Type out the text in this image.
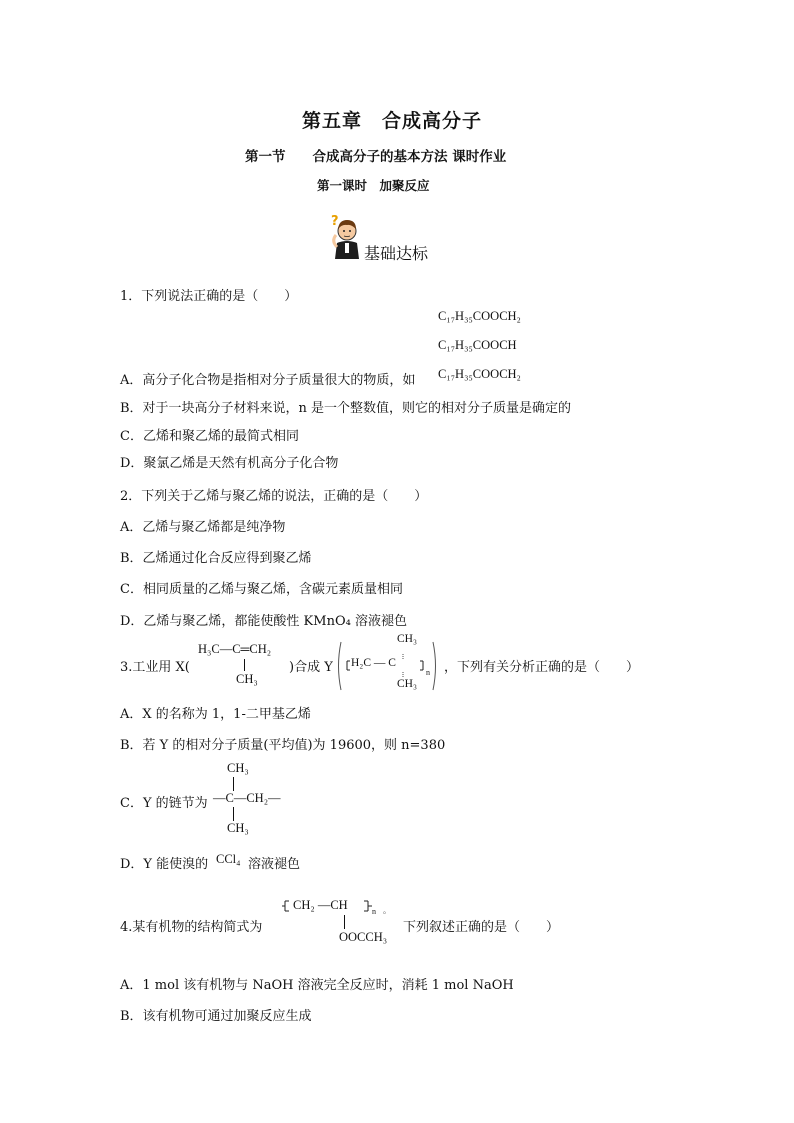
第五章　合成高分子
第一节　　合成高分子的基本方法 课时作业
第一课时　加聚反应
?
基础达标
1．下列说法正确的是（　　）
C₁₇H₃₅COOCH₂
C₁₇H₃₅COOCH
C₁₇H₃₅COOCH₂
A．高分子化合物是指相对分子质量很大的物质，如
B．对于一块高分子材料来说，n 是一个整数值，则它的相对分子质量是确定的
C．乙烯和聚乙烯的最简式相同
D．聚氯乙烯是天然有机高分子化合物
2．下列关于乙烯与聚乙烯的说法，正确的是（　　）
A．乙烯与聚乙烯都是纯净物
B．乙烯通过化合反应得到聚乙烯
C．相同质量的乙烯与聚乙烯，含碳元素质量相同
D．乙烯与聚乙烯，都能使酸性 KMnO₄ 溶液褪色
3.工业用 X(
H₃C—C═CH₂
CH₃
)合成 Y
CH₃
H₂C — C
CH₃
n ，下列有关分析正确的是（　　）
A．X 的名称为 1，1-二甲基乙烯
B．若 Y 的相对分子质量(平均值)为 19600，则 n=380
C．Y 的链节为
CH₃
—C—CH₂—
CH₃
D．Y 能使溴的 CCl₄ 溶液褪色
4.某有机物的结构简式为
CH₂ —CH	n 。
OOCCH₃
下列叙述正确的是（　　）
A．1 mol 该有机物与 NaOH 溶液完全反应时，消耗 1 mol NaOH
B．该有机物可通过加聚反应生成
